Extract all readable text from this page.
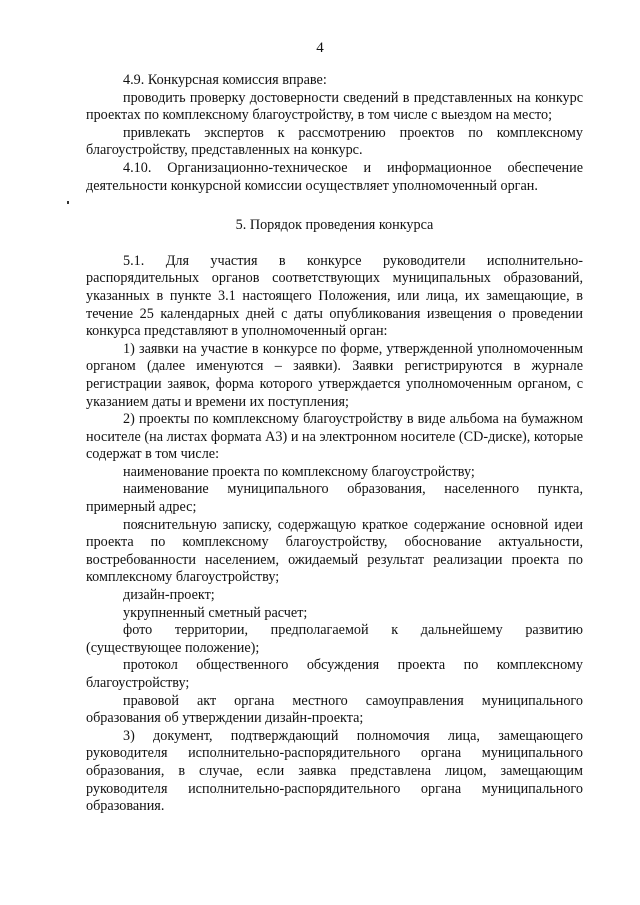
4

4.9. Конкурсная комиссия вправе:

проводить проверку достоверности сведений в представленных на конкурс проектах по комплексному благоустройству, в том числе с выездом на место;

привлекать экспертов к рассмотрению проектов по комплексному благоустройству, представленных на конкурс.

4.10. Организационно-техническое и информационное обеспечение деятельности конкурсной комиссии осуществляет уполномоченный орган.

5. Порядок проведения конкурса

5.1. Для участия в конкурсе руководители исполнительно-распорядительных органов соответствующих муниципальных образований, указанных в пункте 3.1 настоящего Положения, или лица, их замещающие, в течение 25 календарных дней с даты опубликования извещения о проведении конкурса представляют в уполномоченный орган:

1) заявки на участие в конкурсе по форме, утвержденной уполномоченным органом (далее именуются – заявки). Заявки регистрируются в журнале регистрации заявок, форма которого утверждается уполномоченным органом, с указанием даты и времени их поступления;

2) проекты по комплексному благоустройству в виде альбома на бумажном носителе (на листах формата А3) и на электронном носителе (CD-диске), которые содержат в том числе:

наименование проекта по комплексному благоустройству;

наименование муниципального образования, населенного пункта, примерный адрес;

пояснительную записку, содержащую краткое содержание основной идеи проекта по комплексному благоустройству, обоснование актуальности, востребованности населением, ожидаемый результат реализации проекта по комплексному благоустройству;

дизайн-проект;

укрупненный сметный расчет;

фото территории, предполагаемой к дальнейшему развитию (существующее положение);

протокол общественного обсуждения проекта по комплексному благоустройству;

правовой акт органа местного самоуправления муниципального образования об утверждении дизайн-проекта;

3) документ, подтверждающий полномочия лица, замещающего руководителя исполнительно-распорядительного органа муниципального образования, в случае, если заявка представлена лицом, замещающим руководителя исполнительно-распорядительного органа муниципального образования.
